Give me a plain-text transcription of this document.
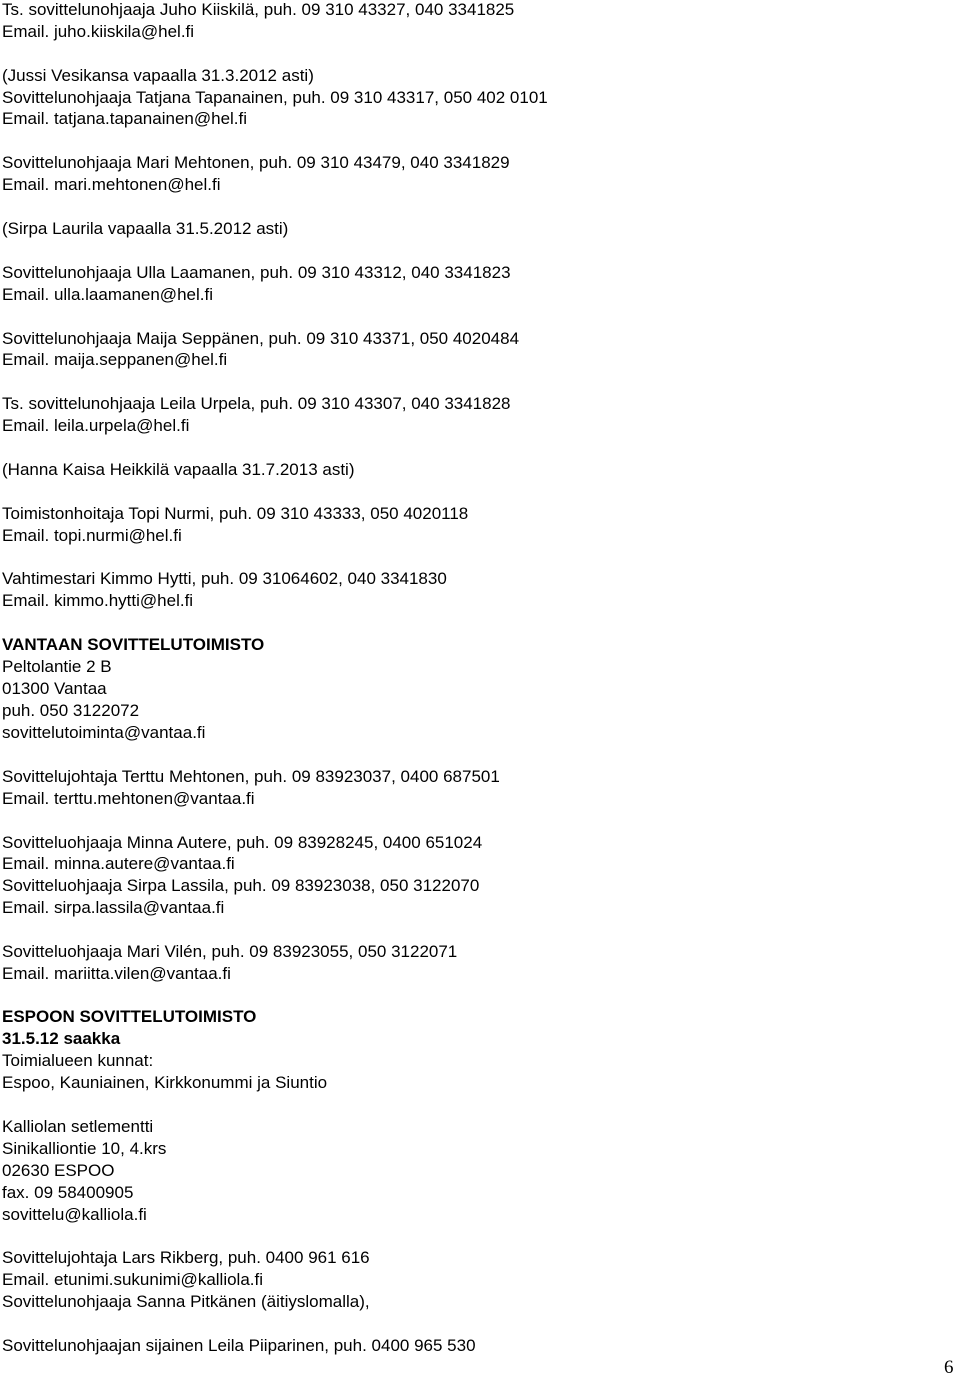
Ts. sovittelunohjaaja Juho Kiiskilä, puh. 09 310 43327, 040 3341825
Email. juho.kiiskila@hel.fi
(Jussi Vesikansa vapaalla 31.3.2012 asti)
Sovittelunohjaaja Tatjana Tapanainen, puh. 09 310 43317, 050 402 0101
Email. tatjana.tapanainen@hel.fi
Sovittelunohjaaja Mari Mehtonen, puh. 09 310 43479, 040 3341829
Email. mari.mehtonen@hel.fi
(Sirpa Laurila vapaalla 31.5.2012 asti)
Sovittelunohjaaja Ulla Laamanen, puh. 09 310 43312, 040 3341823
Email. ulla.laamanen@hel.fi
Sovittelunohjaaja Maija Seppänen, puh. 09 310 43371, 050 4020484
Email. maija.seppanen@hel.fi
Ts. sovittelunohjaaja Leila Urpela, puh. 09 310 43307, 040 3341828
Email. leila.urpela@hel.fi
(Hanna Kaisa Heikkilä vapaalla 31.7.2013 asti)
Toimistonhoitaja Topi Nurmi, puh. 09 310 43333, 050 4020118
Email. topi.nurmi@hel.fi
Vahtimestari Kimmo Hytti, puh. 09 31064602, 040 3341830
Email. kimmo.hytti@hel.fi
VANTAAN SOVITTELUTOIMISTO
Peltolantie 2 B
01300 Vantaa
puh. 050 3122072
sovittelutoiminta@vantaa.fi
Sovittelujohtaja Terttu Mehtonen, puh. 09 83923037, 0400 687501
Email. terttu.mehtonen@vantaa.fi
Sovitteluohjaaja Minna Autere, puh. 09 83928245, 0400 651024
Email. minna.autere@vantaa.fi
Sovitteluohjaaja Sirpa Lassila, puh. 09 83923038, 050 3122070
Email. sirpa.lassila@vantaa.fi
Sovitteluohjaaja Mari Vilén, puh. 09 83923055, 050 3122071
Email. mariitta.vilen@vantaa.fi
ESPOON SOVITTELUTOIMISTO
31.5.12 saakka
Toimialueen kunnat:
Espoo, Kauniainen, Kirkkonummi ja Siuntio
Kalliolan setlementti
Sinikalliontie 10, 4.krs
02630 ESPOO
fax. 09 58400905
sovittelu@kalliola.fi
Sovittelujohtaja Lars Rikberg, puh. 0400 961 616
Email. etunimi.sukunimi@kalliola.fi
Sovittelunohjaaja Sanna Pitkänen (äitiyslomalla),
Sovittelunohjaajan sijainen Leila Piiparinen, puh. 0400 965 530
6
